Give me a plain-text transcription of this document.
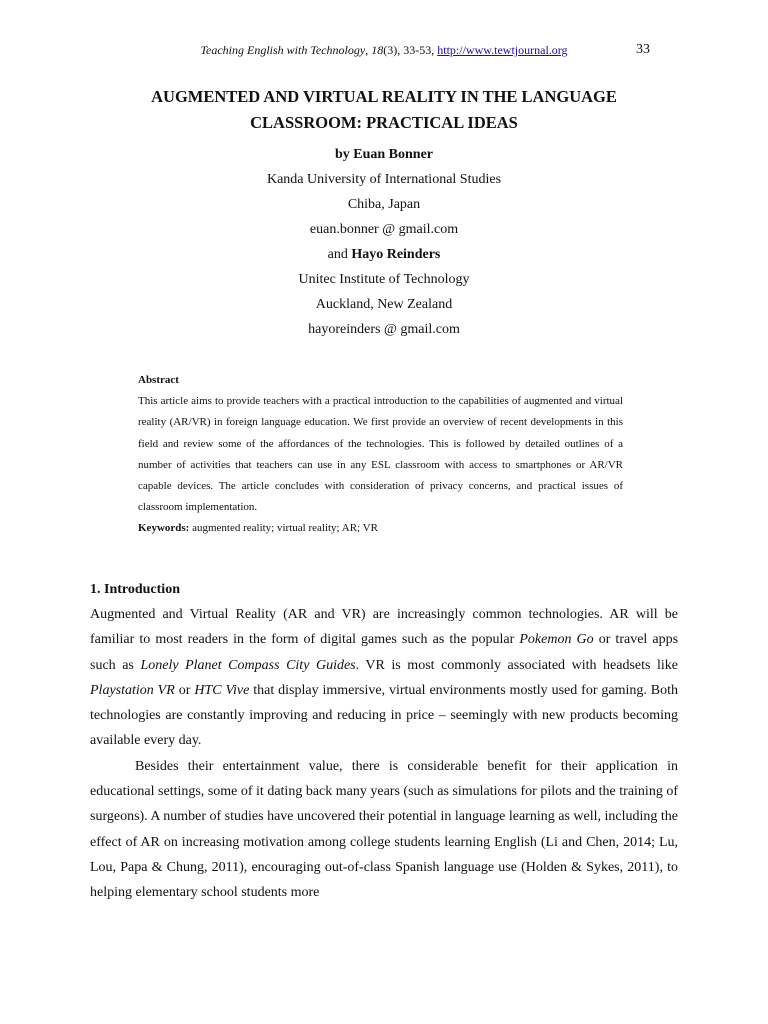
Teaching English with Technology, 18(3), 33-53, http://www.tewtjournal.org	33
AUGMENTED AND VIRTUAL REALITY IN THE LANGUAGE
CLASSROOM: PRACTICAL IDEAS
by Euan Bonner
Kanda University of International Studies
Chiba, Japan
euan.bonner @ gmail.com
and Hayo Reinders
Unitec Institute of Technology
Auckland, New Zealand
hayoreinders @ gmail.com
Abstract
This article aims to provide teachers with a practical introduction to the capabilities of augmented and virtual reality (AR/VR) in foreign language education. We first provide an overview of recent developments in this field and review some of the affordances of the technologies. This is followed by detailed outlines of a number of activities that teachers can use in any ESL classroom with access to smartphones or AR/VR capable devices. The article concludes with consideration of privacy concerns, and practical issues of classroom implementation.
Keywords: augmented reality; virtual reality; AR; VR
1. Introduction

Augmented and Virtual Reality (AR and VR) are increasingly common technologies. AR will be familiar to most readers in the form of digital games such as the popular Pokemon Go or travel apps such as Lonely Planet Compass City Guides. VR is most commonly associated with headsets like Playstation VR or HTC Vive that display immersive, virtual environments mostly used for gaming. Both technologies are constantly improving and reducing in price – seemingly with new products becoming available every day.

Besides their entertainment value, there is considerable benefit for their application in educational settings, some of it dating back many years (such as simulations for pilots and the training of surgeons). A number of studies have uncovered their potential in language learning as well, including the effect of AR on increasing motivation among college students learning English (Li and Chen, 2014; Lu, Lou, Papa & Chung, 2011), encouraging out-of-class Spanish language use (Holden & Sykes, 2011), to helping elementary school students more
